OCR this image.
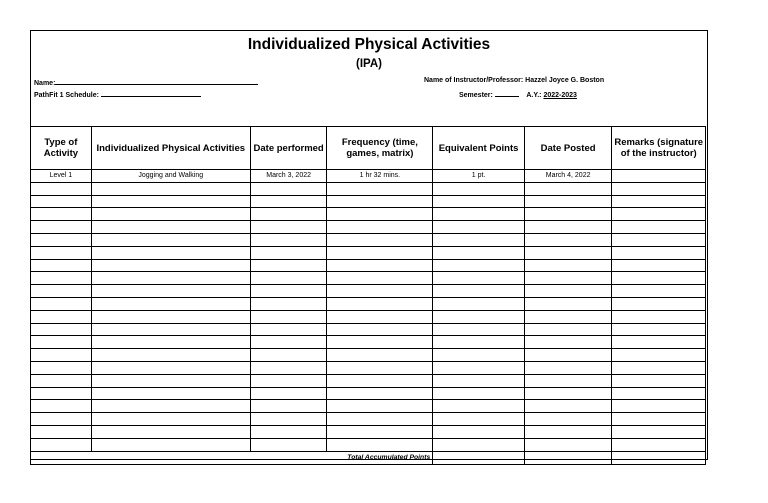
Individualized Physical Activities
(IPA)
Name:
PathFit 1 Schedule:
Name of Instructor/Professor: Hazzel Joyce G. Boston
Semester:	A.Y.: 2022-2023
Type of Activity	Individualized Physical Activities	Date performed	Frequency (time, games, matrix)	Equivalent Points	Date Posted	Remarks (signature of the instructor)
Level 1	Jogging and Walking	March 3, 2022	1 hr 32 mins.	1 pt.	March 4, 2022	

			Total Accumulated Points			
